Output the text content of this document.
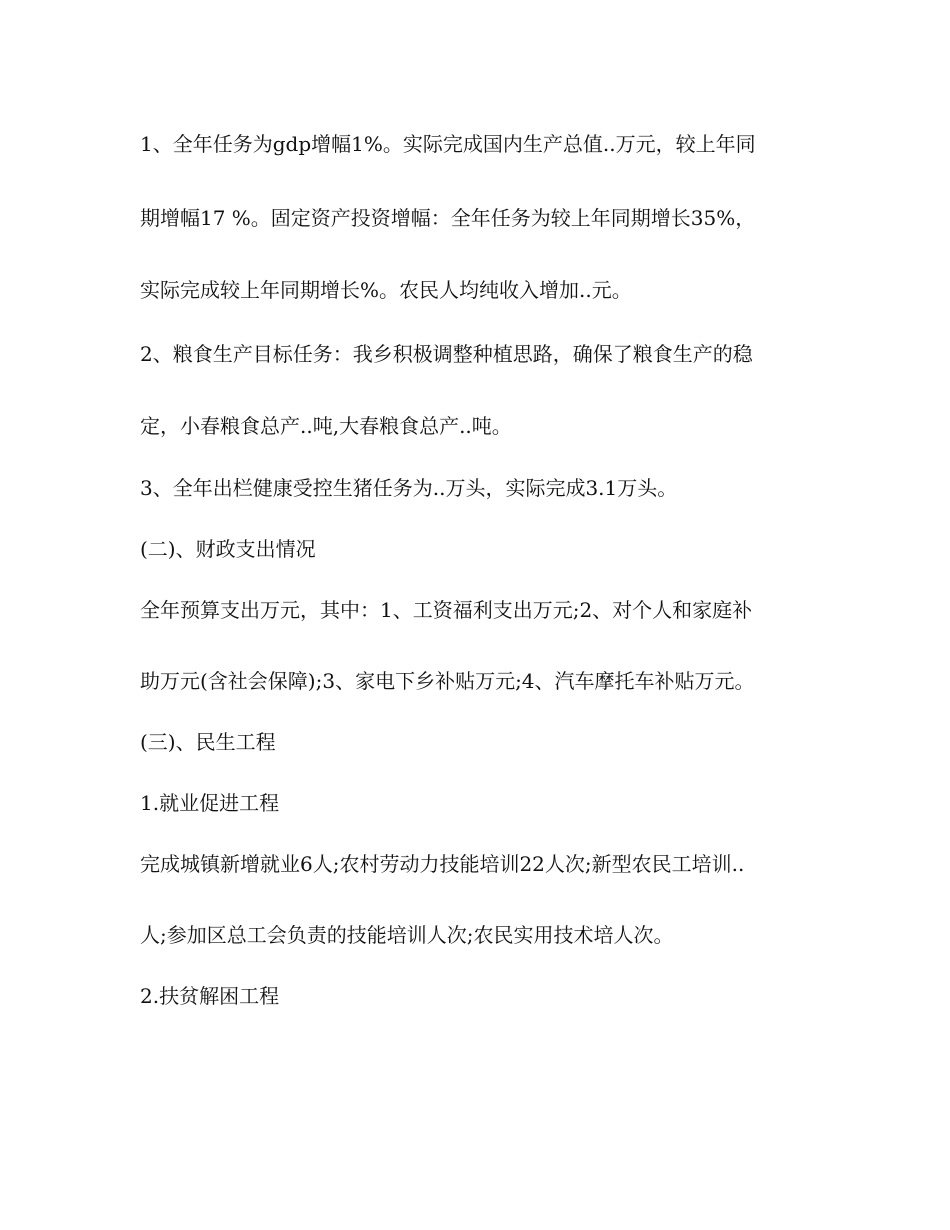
1、全年任务为gdp增幅1%。实际完成国内生产总值..万元，较上年同
期增幅17 %。固定资产投资增幅：全年任务为较上年同期增长35%，
实际完成较上年同期增长%。农民人均纯收入增加..元。
2、粮食生产目标任务：我乡积极调整种植思路，确保了粮食生产的稳
定，小春粮食总产..吨,大春粮食总产..吨。
3、全年出栏健康受控生猪任务为..万头，实际完成3.1万头。
(二)、财政支出情况
全年预算支出万元，其中：1、工资福利支出万元;2、对个人和家庭补
助万元(含社会保障);3、家电下乡补贴万元;4、汽车摩托车补贴万元。
(三)、民生工程
1.就业促进工程
完成城镇新增就业6人;农村劳动力技能培训22人次;新型农民工培训..
人;参加区总工会负责的技能培训人次;农民实用技术培人次。
2.扶贫解困工程
